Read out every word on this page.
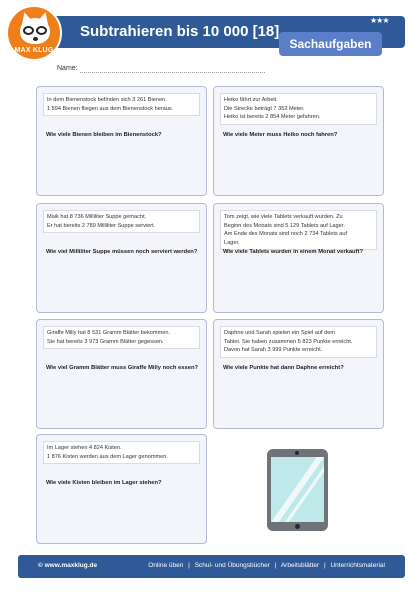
MAX KLUG
Subtrahieren bis 10 000 [18]
★★★
Sachaufgaben
Name:
In dem Bienenstock befinden sich 3 261 Bienen.
1 594 Bienen fliegen aus dem Bienenstock heraus.
Wie viele Bienen bleiben im Bienenstock?
Heiko fährt zur Arbeit.
Die Strecke beträgt 7 352 Meter.
Heiko ist bereits 2 854 Meter gefahren.
Wie viele Meter muss Heiko noch fahren?
Maik hat 8 736 Milliliter Suppe gemacht.
Er hat bereits 2 789 Milliliter Suppe serviert.
Wie viel Milliliter Suppe müssen noch serviert werden?
Tom zeigt, wie viele Tablets verkauft wurden. Zu
Beginn des Monats sind 5 129 Tablets auf Lager.
Am Ende des Monats sind noch 2 734 Tablets auf
Lager.
Wie viele Tablets wurden in einem Monat verkauft?
Giraffe Milly hat 8 531 Gramm Blätter bekommen.
Sie hat bereits 3 973 Gramm Blätter gegessen.
Wie viel Gramm Blätter muss Giraffe Milly noch essen?
Daphne und Sarah spielen ein Spiel auf dem
Tablet. Sie haben zusammen 5 823 Punkte erreicht.
Davon hat Sarah 3 999 Punkte erreicht.
Wie viele Punkte hat dann Daphne erreicht?
Im Lager stehen 4 824 Kisten.
1 876 Kisten werden aus dem Lager genommen.
Wie viele Kisten bleiben im Lager stehen?
© www.maxklug.de	Online üben | Schul- und Übungsbücher | Arbeitsblätter | Unterrichtsmaterial
